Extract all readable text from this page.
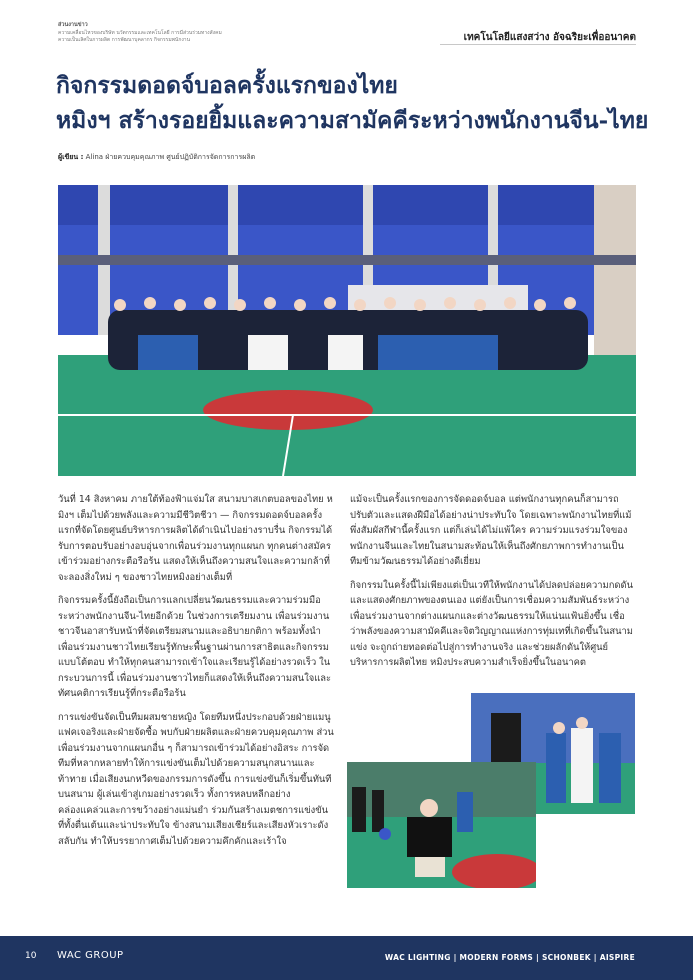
ส่วนงานข่าว
ความเคลื่อนไหวของบริษัท นวัตกรรมและเทคโนโลยี การมีส่วนร่วมทางสังคม
ความเป็นเลิศในการผลิต การพัฒนาบุคลากร กิจกรรมพนักงาน	เทคโนโลยีแสงสว่าง อัจฉริยะเพื่ออนาคต
กิจกรรมดอดจ์บอลครั้งแรกของไทย
หมิงฯ สร้างรอยยิ้มและความสามัคคีระหว่างพนักงานจีน-ไทย
ผู้เขียน : Alina ฝ่ายควบคุมคุณภาพ ศูนย์ปฏิบัติการจัดการการผลิต

วันที่ 14 สิงหาคม ภายใต้ท้องฟ้าแจ่มใส สนามบาสเกตบอลของไทย หมิงฯ เต็มไปด้วยพลังและความมีชีวิตชีวา — กิจกรรมดอดจ์บอลครั้งแรกที่จัดโดยศูนย์บริหารการผลิตได้ดำเนินไปอย่างราบรื่น กิจกรรมได้รับการตอบรับอย่างอบอุ่นจากเพื่อนร่วมงานทุกแผนก ทุกคนต่างสมัครเข้าร่วมอย่างกระตือรือร้น แสดงให้เห็นถึงความสนใจและความกล้าที่จะลองสิ่งใหม่ ๆ ของชาวไทยหมิงอย่างเต็มที่

กิจกรรมครั้งนี้ยังถือเป็นการแลกเปลี่ยนวัฒนธรรมและความร่วมมือระหว่างพนักงานจีน-ไทยอีกด้วย ในช่วงการเตรียมงาน เพื่อนร่วมงานชาวจีนอาสารับหน้าที่จัดเตรียมสนามและอธิบายกติกา พร้อมทั้งนำเพื่อนร่วมงานชาวไทยเรียนรู้ทักษะพื้นฐานผ่านการสาธิตและกิจกรรมแบบโต้ตอบ ทำให้ทุกคนสามารถเข้าใจและเรียนรู้ได้อย่างรวดเร็ว ในกระบวนการนี้ เพื่อนร่วมงานชาวไทยก็แสดงให้เห็นถึงความสนใจและทัศนคติการเรียนรู้ที่กระตือรือร้น

การแข่งขันจัดเป็นทีมผสมชายหญิง โดยทีมหนึ่งประกอบด้วยฝ่ายแมนูแฟคเจอริงและฝ่ายจัดซื้อ พบกับฝ่ายผลิตและฝ่ายควบคุมคุณภาพ ส่วนเพื่อนร่วมงานจากแผนกอื่น ๆ ก็สามารถเข้าร่วมได้อย่างอิสระ การจัดทีมที่หลากหลายทำให้การแข่งขันเต็มไปด้วยความสนุกสนานและท้าทาย เมื่อเสียงนกหวีดของกรรมการดังขึ้น การแข่งขันก็เริ่มขึ้นทันที บนสนาม ผู้เล่นเข้าสู่เกมอย่างรวดเร็ว ทั้งการหลบหลีกอย่างคล่องแคล่วและการขว้างอย่างแม่นยำ ร่วมกันสร้างเมตชการแข่งขันที่ทั้งตื่นเต้นและน่าประทับใจ ข้างสนามเสียงเชียร์และเสียงหัวเราะดังสลับกัน ทำให้บรรยากาศเต็มไปด้วยความคึกคักและเร้าใจ

แม้จะเป็นครั้งแรกของการจัดดอดจ์บอล แต่พนักงานทุกคนก็สามารถปรับตัวและแสดงฝีมือได้อย่างน่าประทับใจ โดยเฉพาะพนักงานไทยที่แม้พึ่งสัมผัสกีฬานี้ครั้งแรก แต่ก็เล่นได้ไม่แพ้ใคร ความร่วมแรงร่วมใจของพนักงานจีนและไทยในสนามสะท้อนให้เห็นถึงศักยภาพการทำงานเป็นทีมข้ามวัฒนธรรมได้อย่างดีเยี่ยม

กิจกรรมในครั้งนี้ไม่เพียงแต่เป็นเวทีให้พนักงานได้ปลดปล่อยความกดดันและแสดงศักยภาพของตนเอง แต่ยังเป็นการเชื่อมความสัมพันธ์ระหว่างเพื่อนร่วมงานจากต่างแผนกและต่างวัฒนธรรมให้แน่นแฟ้นยิ่งขึ้น เชื่อว่าพลังของความสามัคคีและจิตวิญญาณแห่งการทุ่มเทที่เกิดขึ้นในสนามแข่ง จะถูกถ่ายทอดต่อไปสู่การทำงานจริง และช่วยผลักดันให้ศูนย์บริหารการผลิตไทย หมิงประสบความสำเร็จยิ่งขึ้นในอนาคต

10 WAC GROUP	WAC LIGHTING | MODERN FORMS | SCHONBEK | AISPIRE
